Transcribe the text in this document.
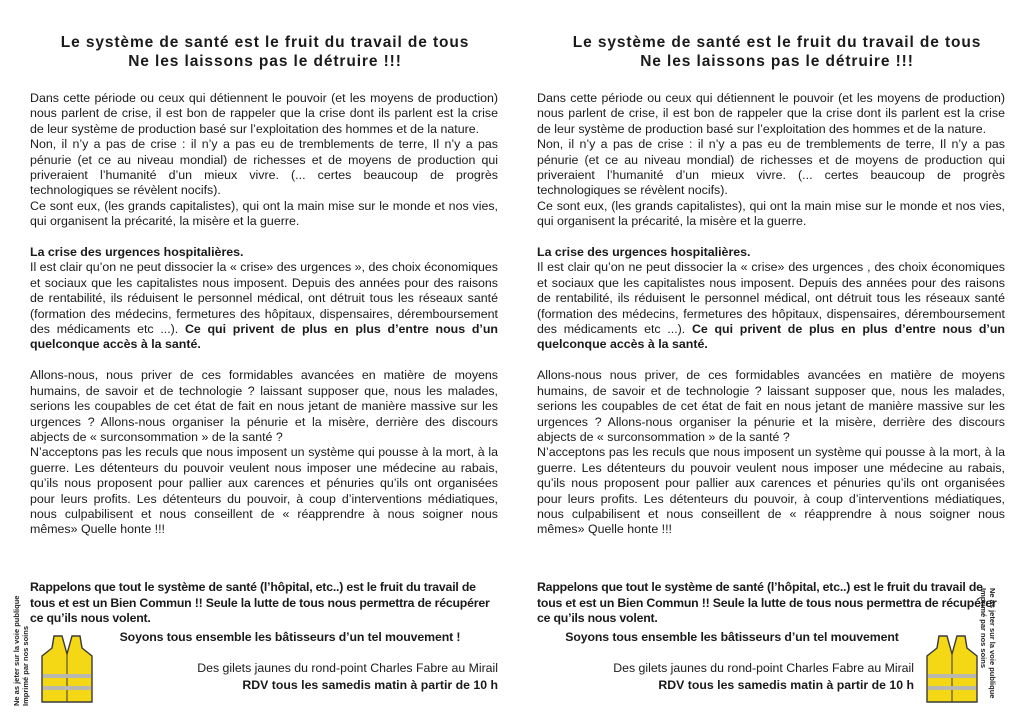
Le système de santé est le fruit du travail de tous
Ne les laissons pas le détruire !!!

Dans cette période ou ceux qui détiennent le pouvoir (et les moyens de production) nous parlent de crise, il est bon de rappeler que la crise dont ils parlent est la crise de leur système de production basé sur l’exploitation des hommes et de la nature.

Non, il n’y a pas de crise : il n’y a pas eu de tremblements de terre, Il n’y a pas pénurie (et ce au niveau mondial) de richesses et de moyens de production qui priveraient l’humanité d’un mieux vivre. (... certes beaucoup de progrès technologiques se révèlent nocifs).

Ce sont eux, (les grands capitalistes), qui ont la main mise sur le monde et nos vies, qui organisent la précarité, la misère et la guerre.

La crise des urgences hospitalières.

Il est clair qu’on ne peut dissocier la « crise» des urgences », des choix économiques et sociaux que les capitalistes nous imposent. Depuis des années pour des raisons de rentabilité, ils réduisent le personnel médical, ont détruit tous les réseaux santé (formation des médecins, fermetures des hôpitaux, dispensaires, déremboursement des médicaments etc ...). Ce qui privent de plus en plus d’entre nous d’un quelconque accès à la santé.

Allons-nous, nous priver de ces formidables avancées en matière de moyens humains, de savoir et de technologie ? laissant supposer que, nous les malades, serions les coupables de cet état de fait en nous jetant de manière massive sur les urgences ? Allons-nous organiser la pénurie et la misère, derrière des discours abjects de « surconsommation » de la santé ?

N’acceptons pas les reculs que nous imposent un système qui pousse à la mort, à la guerre. Les détenteurs du pouvoir veulent nous imposer une médecine au rabais, qu’ils nous proposent pour pallier aux carences et pénuries qu’ils ont organisées pour leurs profits. Les détenteurs du pouvoir, à coup d’interventions médiatiques, nous culpabilisent et nous conseillent de « réapprendre à nous soigner nous mêmes» Quelle honte !!!

Rappelons que tout le système de santé (l’hôpital, etc..) est le fruit du travail de tous et est un Bien Commun !! Seule la lutte de tous nous permettra de récupérer ce qu’ils nous volent.
Soyons tous ensemble les bâtisseurs d’un tel mouvement !
Des gilets jaunes du rond-point Charles Fabre au Mirail
RDV tous les samedis matin à partir de 10 h
Ne as jeter sur la voie publique Imprimé par nos soins
Le système de santé est le fruit du travail de tous
Ne les laissons pas le détruire !!!

Dans cette période ou ceux qui détiennent le pouvoir (et les moyens de production) nous parlent de crise, il est bon de rappeler que la crise dont ils parlent est la crise de leur système de production basé sur l’exploitation des hommes et de la nature.

Non, il n’y a pas de crise : il n’y a pas eu de tremblements de terre, Il n’y a pas pénurie (et ce au niveau mondial) de richesses et de moyens de production qui priveraient l’humanité d’un mieux vivre. (... certes beaucoup de progrès technologiques se révèlent nocifs).

Ce sont eux, (les grands capitalistes), qui ont la main mise sur le monde et nos vies, qui organisent la précarité, la misère et la guerre.

La crise des urgences hospitalières.

Il est clair qu’on ne peut dissocier la « crise» des urgences , des choix économiques et sociaux que les capitalistes nous imposent. Depuis des années pour des raisons de rentabilité, ils réduisent le personnel médical, ont détruit tous les réseaux santé (formation des médecins, fermetures des hôpitaux, dispensaires, déremboursement des médicaments etc ...). Ce qui privent de plus en plus d’entre nous d’un quelconque accès à la santé.

Allons-nous nous priver, de ces formidables avancées en matière de moyens humains, de savoir et de technologie ? laissant supposer que, nous les malades, serions les coupables de cet état de fait en nous jetant de manière massive sur les urgences ? Allons-nous organiser la pénurie et la misère, derrière des discours abjects de « surconsommation » de la santé ?

N’acceptons pas les reculs que nous imposent un système qui pousse à la mort, à la guerre. Les détenteurs du pouvoir veulent nous imposer une médecine au rabais, qu’ils nous proposent pour pallier aux carences et pénuries qu’ils ont organisées pour leurs profits. Les détenteurs du pouvoir, à coup d’interventions médiatiques, nous culpabilisent et nous conseillent de « réapprendre à nous soigner nous mêmes» Quelle honte !!!

Rappelons que tout le système de santé (l’hôpital, etc..) est le fruit du travail de tous et est un Bien Commun !! Seule la lutte de tous nous permettra de récupérer ce qu’ils nous volent.
Soyons tous ensemble les bâtisseurs d’un tel mouvement
Des gilets jaunes du rond-point Charles Fabre au Mirail
RDV tous les samedis matin à partir de 10 h	Ne as jeter sur la voie publique
Imprimé par nos soins
